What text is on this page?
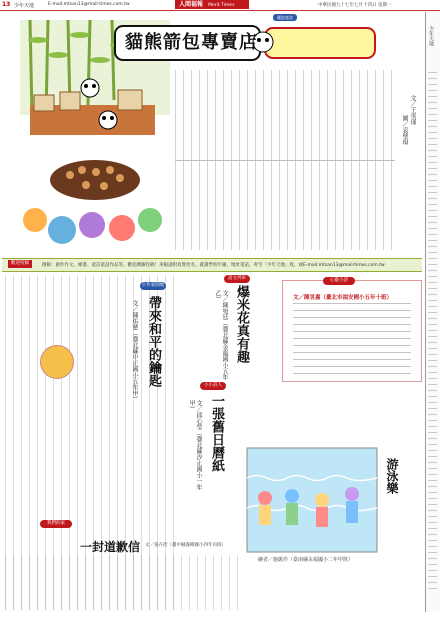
13 少年天地	E-mail:mtsan13@mail-times.com.tw	人間福報 Merit Times	中華民國九十七年七月十四日 星期一
少年天地
貓熊箭包專賣店
圖說童話
文／王雪瑾
圖／袁璧琪
歡迎投稿	徵稿：創作作文、繪畫、童詩童話作品等。歡迎踴躍投稿！來稿請附真實姓名、就讀學校年級、地址電話，寄至「少年天地」收，或E-mail:mtsan13@mail-times.com.tw
小作家園地
帶來和平的鑰匙
文／陳佑慈（臺北縣中正國小五年甲）	小小詩人
一張舊日曆紙
文／邱心瑩（臺北縣汐止國小一年甲）
語文列車
爆米花真有趣
文／陳宛廷（臺北縣金龍國小五年乙）
心靈小語
文／陳昱嘉（臺北市福安國小五年十班）
游泳樂
繪者／施凱伶（臺南縣永福國小二年甲班）
我們的家
一封道歉信 文／張卉淳（臺中縣霧峰國小四年丙班）
